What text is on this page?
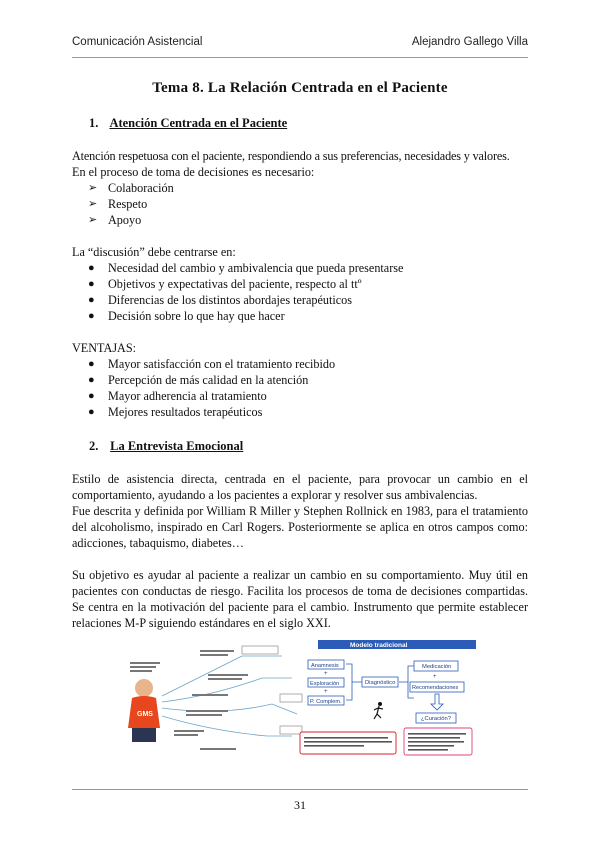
Comunicación Asistencial	Alejandro Gallego Villa
Tema 8. La Relación Centrada en el Paciente
1. Atención Centrada en el Paciente

Atención respetuosa con el paciente, respondiendo a sus preferencias, necesidades y valores.

En el proceso de toma de decisiones es necesario:

➢ Colaboración
➢ Respeto
➢ Apoyo

La “discusión” debe centrarse en:

● Necesidad del cambio y ambivalencia que pueda presentarse
● Objetivos y expectativas del paciente, respecto al ttº
● Diferencias de los distintos abordajes terapéuticos
● Decisión sobre lo que hay que hacer

VENTAJAS:

● Mayor satisfacción con el tratamiento recibido
● Percepción de más calidad en la atención
● Mayor adherencia al tratamiento
● Mejores resultados terapéuticos
2. La Entrevista Emocional

Estilo de asistencia directa, centrada en el paciente, para provocar un cambio en el comportamiento, ayudando a los pacientes a explorar y resolver sus ambivalencias.

Fue descrita y definida por William R Miller y Stephen Rollnick en 1983, para el tratamiento del alcoholismo, inspirado en Carl Rogers. Posteriormente se aplica en otros campos como: adicciones, tabaquismo, diabetes…

Su objetivo es ayudar al paciente a realizar un cambio en su comportamiento. Muy útil en pacientes con conductas de riesgo. Facilita los procesos de toma de decisiones compartidas. Se centra en la motivación del paciente para el cambio. Instrumento que permite establecer relaciones M-P siguiendo estándares en el siglo XXI.

GMS
Modelo tradicional
Anamnesis
+
Exploración
+
P. Complem.
Diagnóstico
Medicación
+
Recomendaciones
¿Curación?
31
